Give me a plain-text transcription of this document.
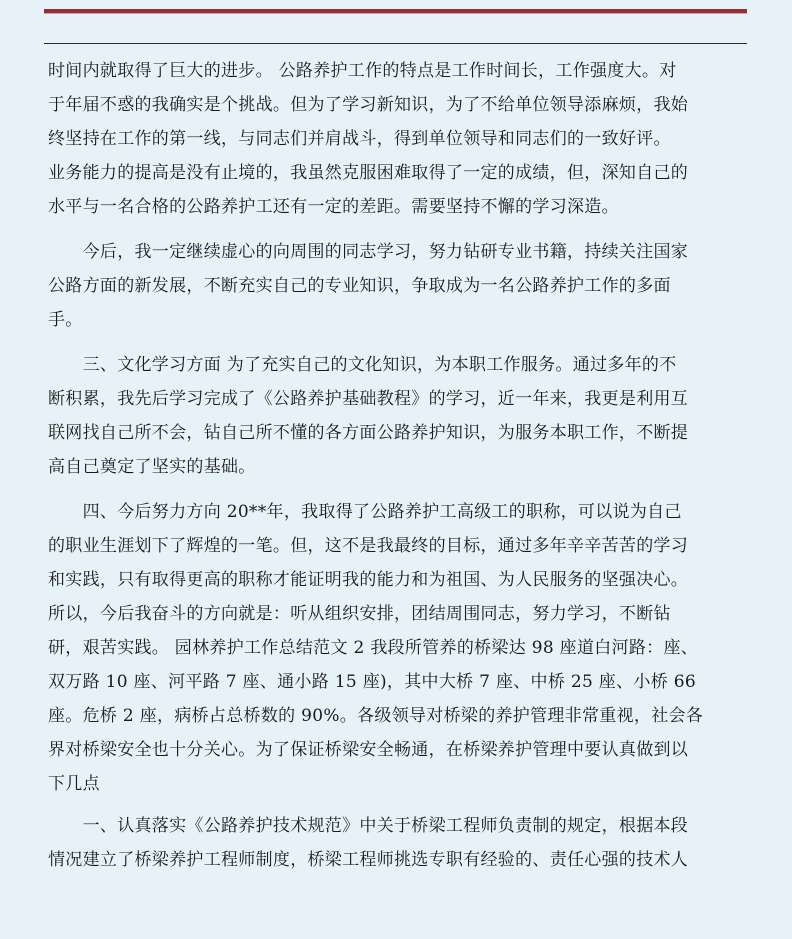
时间内就取得了巨大的进步。 公路养护工作的特点是工作时间长，工作强度大。对
于年届不惑的我确实是个挑战。但为了学习新知识，为了不给单位领导添麻烦，我始
终坚持在工作的第一线，与同志们并肩战斗，得到单位领导和同志们的一致好评。
业务能力的提高是没有止境的，我虽然克服困难取得了一定的成绩，但，深知自己的
水平与一名合格的公路养护工还有一定的差距。需要坚持不懈的学习深造。

　　今后，我一定继续虚心的向周围的同志学习，努力钻研专业书籍，持续关注国家
公路方面的新发展，不断充实自己的专业知识，争取成为一名公路养护工作的多面
手。

　　三、文化学习方面 为了充实自己的文化知识，为本职工作服务。通过多年的不
断积累，我先后学习完成了《公路养护基础教程》的学习，近一年来，我更是利用互
联网找自己所不会，钻自己所不懂的各方面公路养护知识，为服务本职工作，不断提
高自己奠定了坚实的基础。

　　四、今后努力方向 20**年，我取得了公路养护工高级工的职称，可以说为自己
的职业生涯划下了辉煌的一笔。但，这不是我最终的目标，通过多年辛辛苦苦的学习
和实践，只有取得更高的职称才能证明我的能力和为祖国、为人民服务的坚强决心。
所以，今后我奋斗的方向就是：听从组织安排，团结周围同志，努力学习，不断钻
研，艰苦实践。 园林养护工作总结范文 2 我段所管养的桥梁达 98 座道白河路：座、
双万路 10 座、河平路 7 座、通小路 15 座)，其中大桥 7 座、中桥 25 座、小桥 66
座。危桥 2 座，病桥占总桥数的 90%。各级领导对桥梁的养护管理非常重视，社会各
界对桥梁安全也十分关心。为了保证桥梁安全畅通，在桥梁养护管理中要认真做到以
下几点

　　一、认真落实《公路养护技术规范》中关于桥梁工程师负责制的规定，根据本段
情况建立了桥梁养护工程师制度，桥梁工程师挑选专职有经验的、责任心强的技术人
